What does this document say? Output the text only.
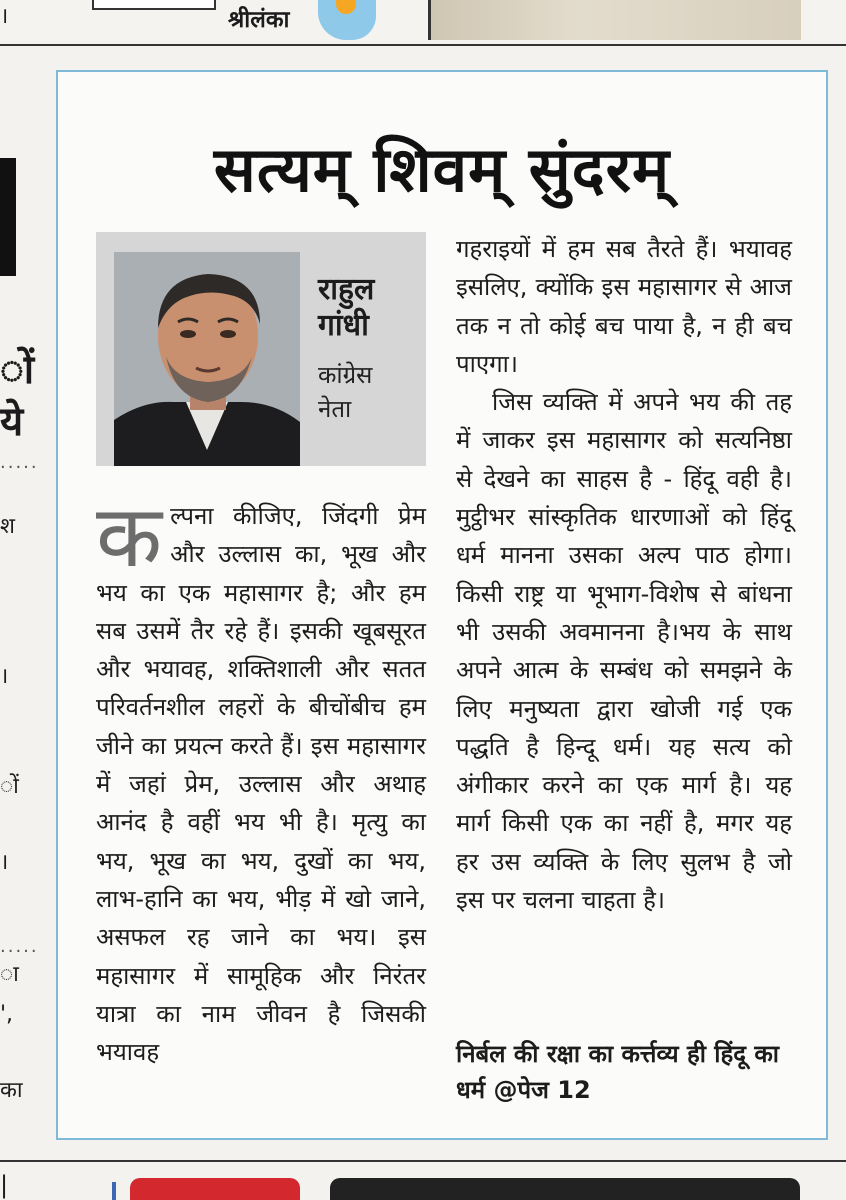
।	श्रीलंका
ों
ये
.....
श
।
ों
।
.....
ा
',
का
सत्यम् शिवम् सुंदरम्
राहुल
गांधी
कांग्रेस
नेता
क ल्पना कीजिए, जिंदगी प्रेम और उल्लास का, भूख और भय का एक महासागर है; और हम सब उसमें तैर रहे हैं। इसकी खूबसूरत और भयावह, शक्तिशाली और सतत परिवर्तनशील लहरों के बीचोंबीच हम जीने का प्रयत्न करते हैं। इस महासागर में जहां प्रेम, उल्लास और अथाह आनंद है वहीं भय भी है। मृत्यु का भय, भूख का भय, दुखों का भय, लाभ-हानि का भय, भीड़ में खो जाने, असफल रह जाने का भय। इस महासागर में सामूहिक और निरंतर यात्रा का नाम जीवन है जिसकी भयावह

गहराइयों में हम सब तैरते हैं। भयावह इसलिए, क्योंकि इस महासागर से आज तक न तो कोई बच पाया है, न ही बच पाएगा।

जिस व्यक्ति में अपने भय की तह में जाकर इस महासागर को सत्यनिष्ठा से देखने का साहस है - हिंदू वही है। मुट्ठीभर सांस्कृतिक धारणाओं को हिंदू धर्म मानना उसका अल्प पाठ होगा। किसी राष्ट्र या भूभाग-विशेष से बांधना भी उसकी अवमानना है।भय के साथ अपने आत्म के सम्बंध को समझने के लिए मनुष्यता द्वारा खोजी गई एक पद्धति है हिन्दू धर्म। यह सत्य को अंगीकार करने का एक मार्ग है। यह मार्ग किसी एक का नहीं है, मगर यह हर उस व्यक्ति के लिए सुलभ है जो इस पर चलना चाहता है।

निर्बल की रक्षा का कर्त्तव्य ही हिंदू का धर्म @पेज 12
|
